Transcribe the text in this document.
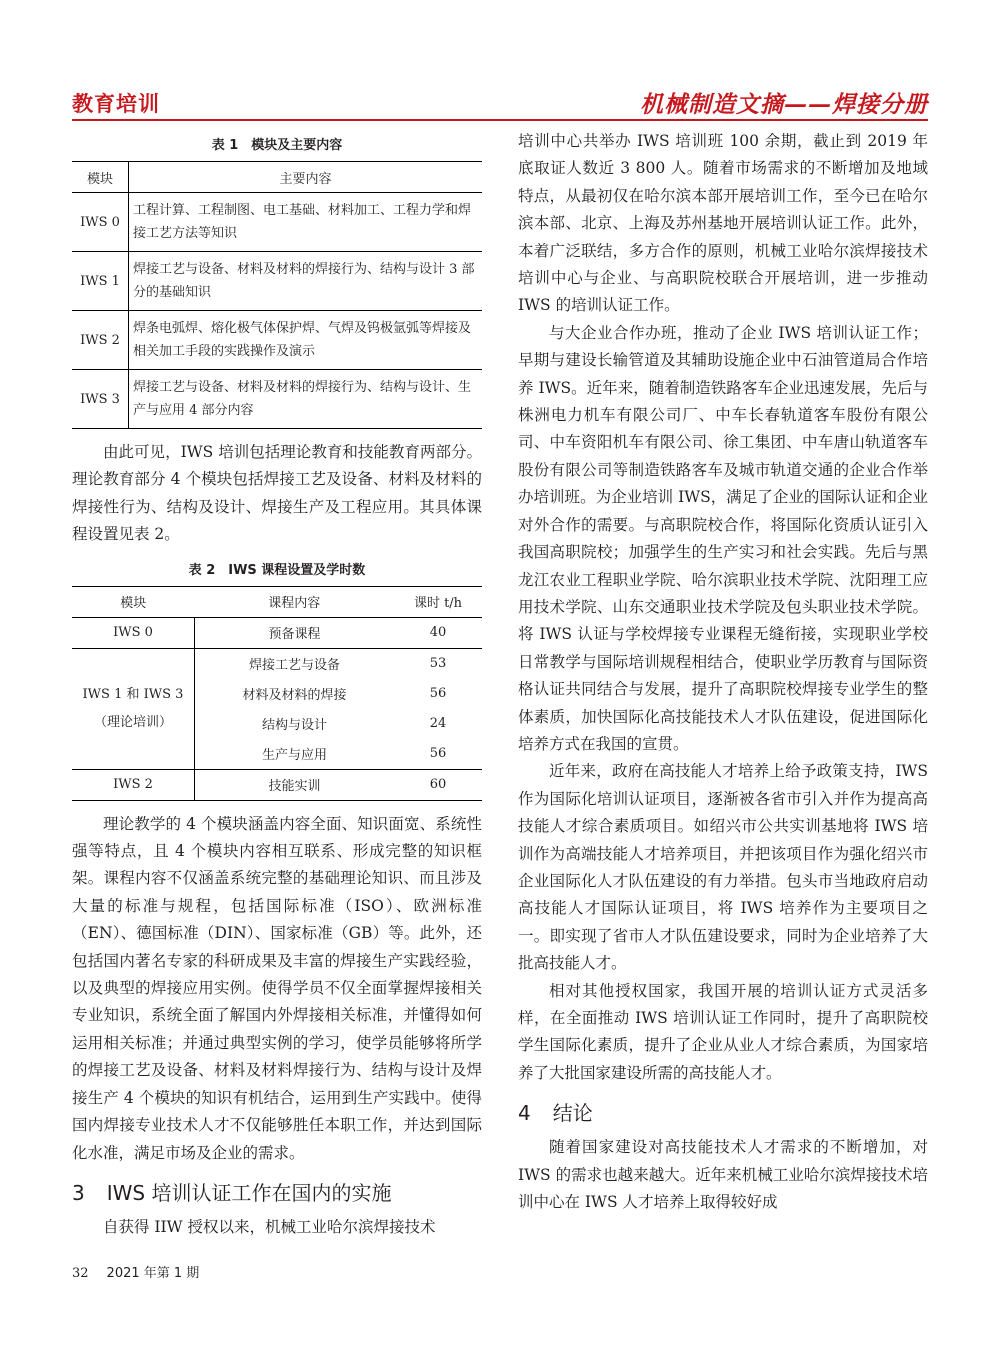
教育培训	机械制造文摘——焊接分册
表 1　模块及主要内容
模块	主要内容
IWS 0	工程计算、工程制图、电工基础、材料加工、工程力学和焊接工艺方法等知识
IWS 1	焊接工艺与设备、材料及材料的焊接行为、结构与设计 3 部分的基础知识
IWS 2	焊条电弧焊、熔化极气体保护焊、气焊及钨极氩弧等焊接及相关加工手段的实践操作及演示
IWS 3	焊接工艺与设备、材料及材料的焊接行为、结构与设计、生产与应用 4 部分内容

由此可见，IWS 培训包括理论教育和技能教育两部分。理论教育部分 4 个模块包括焊接工艺及设备、材料及材料的焊接性行为、结构及设计、焊接生产及工程应用。其具体课程设置见表 2。

表 2　IWS 课程设置及学时数
模块	课程内容	课时 t/h
IWS 0	预备课程	40
IWS 1 和 IWS 3 （理论培训）	焊接工艺与设备	53
	材料及材料的焊接	56
	结构与设计	24
	生产与应用	56
IWS 2	技能实训	60

理论教学的 4 个模块涵盖内容全面、知识面宽、系统性强等特点，且 4 个模块内容相互联系、形成完整的知识框架。课程内容不仅涵盖系统完整的基础理论知识、而且涉及大量的标准与规程，包括国际标准（ISO）、欧洲标准（EN）、德国标准（DIN）、国家标准（GB）等。此外，还包括国内著名专家的科研成果及丰富的焊接生产实践经验，以及典型的焊接应用实例。使得学员不仅全面掌握焊接相关专业知识，系统全面了解国内外焊接相关标准，并懂得如何运用相关标准；并通过典型实例的学习，使学员能够将所学的焊接工艺及设备、材料及材料焊接行为、结构与设计及焊接生产 4 个模块的知识有机结合，运用到生产实践中。使得国内焊接专业技术人才不仅能够胜任本职工作，并达到国际化水准，满足市场及企业的需求。

3 IWS 培训认证工作在国内的实施

自获得 IIW 授权以来，机械工业哈尔滨焊接技术

培训中心共举办 IWS 培训班 100 余期，截止到 2019 年底取证人数近 3 800 人。随着市场需求的不断增加及地域特点，从最初仅在哈尔滨本部开展培训工作，至今已在哈尔滨本部、北京、上海及苏州基地开展培训认证工作。此外，本着广泛联结，多方合作的原则，机械工业哈尔滨焊接技术培训中心与企业、与高职院校联合开展培训，进一步推动 IWS 的培训认证工作。

与大企业合作办班，推动了企业 IWS 培训认证工作；早期与建设长输管道及其辅助设施企业中石油管道局合作培养 IWS。近年来，随着制造铁路客车企业迅速发展，先后与株洲电力机车有限公司厂、中车长春轨道客车股份有限公司、中车资阳机车有限公司、徐工集团、中车唐山轨道客车股份有限公司等制造铁路客车及城市轨道交通的企业合作举办培训班。为企业培训 IWS，满足了企业的国际认证和企业对外合作的需要。与高职院校合作，将国际化资质认证引入我国高职院校；加强学生的生产实习和社会实践。先后与黑龙江农业工程职业学院、哈尔滨职业技术学院、沈阳理工应用技术学院、山东交通职业技术学院及包头职业技术学院。将 IWS 认证与学校焊接专业课程无缝衔接，实现职业学校日常教学与国际培训规程相结合，使职业学历教育与国际资格认证共同结合与发展，提升了高职院校焊接专业学生的整体素质，加快国际化高技能技术人才队伍建设，促进国际化培养方式在我国的宣贯。

近年来，政府在高技能人才培养上给予政策支持，IWS 作为国际化培训认证项目，逐渐被各省市引入并作为提高高技能人才综合素质项目。如绍兴市公共实训基地将 IWS 培训作为高端技能人才培养项目，并把该项目作为强化绍兴市企业国际化人才队伍建设的有力举措。包头市当地政府启动高技能人才国际认证项目，将 IWS 培养作为主要项目之一。即实现了省市人才队伍建设要求，同时为企业培养了大批高技能人才。

相对其他授权国家，我国开展的培训认证方式灵活多样，在全面推动 IWS 培训认证工作同时，提升了高职院校学生国际化素质，提升了企业从业人才综合素质，为国家培养了大批国家建设所需的高技能人才。

4 结论

随着国家建设对高技能技术人才需求的不断增加，对 IWS 的需求也越来越大。近年来机械工业哈尔滨焊接技术培训中心在 IWS 人才培养上取得较好成

32 2021 年第 1 期
